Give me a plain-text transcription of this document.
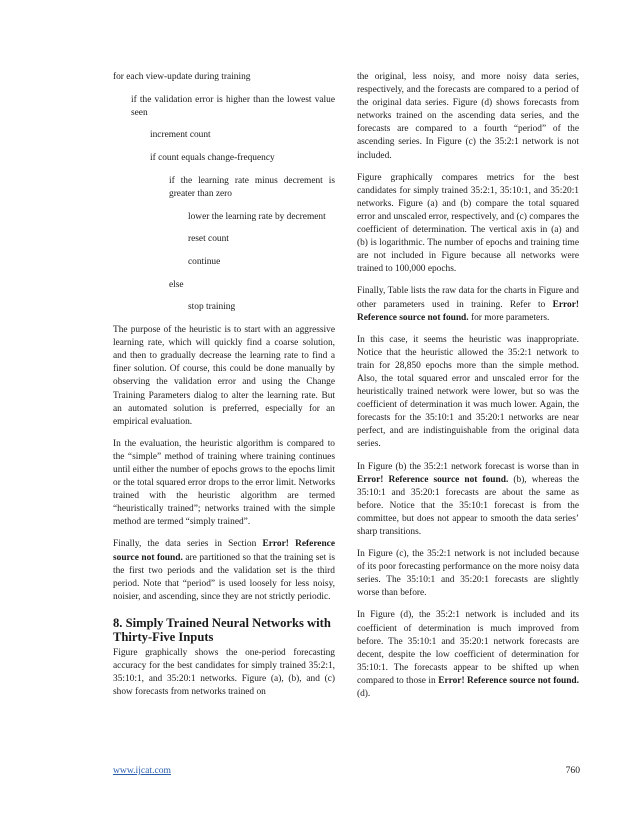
for each view-update during training

if the validation error is higher than the lowest value seen

increment count

if count equals change-frequency

if the learning rate minus decrement is greater than zero

lower the learning rate by decrement

reset count

continue

else

stop training

The purpose of the heuristic is to start with an aggressive learning rate, which will quickly find a coarse solution, and then to gradually decrease the learning rate to find a finer solution. Of course, this could be done manually by observing the validation error and using the Change Training Parameters dialog to alter the learning rate. But an automated solution is preferred, especially for an empirical evaluation.

In the evaluation, the heuristic algorithm is compared to the “simple” method of training where training continues until either the number of epochs grows to the epochs limit or the total squared error drops to the error limit. Networks trained with the heuristic algorithm are termed “heuristically trained”; networks trained with the simple method are termed “simply trained”.

Finally, the data series in Section Error! Reference source not found. are partitioned so that the training set is the first two periods and the validation set is the third period. Note that “period” is used loosely for less noisy, noisier, and ascending, since they are not strictly periodic.

8. Simply Trained Neural Networks with Thirty-Five Inputs

Figure graphically shows the one-period forecasting accuracy for the best candidates for simply trained 35:2:1, 35:10:1, and 35:20:1 networks. Figure (a), (b), and (c) show forecasts from networks trained on

the original, less noisy, and more noisy data series, respectively, and the forecasts are compared to a period of the original data series. Figure (d) shows forecasts from networks trained on the ascending data series, and the forecasts are compared to a fourth “period” of the ascending series. In Figure (c) the 35:2:1 network is not included.

Figure graphically compares metrics for the best candidates for simply trained 35:2:1, 35:10:1, and 35:20:1 networks. Figure (a) and (b) compare the total squared error and unscaled error, respectively, and (c) compares the coefficient of determination. The vertical axis in (a) and (b) is logarithmic. The number of epochs and training time are not included in Figure because all networks were trained to 100,000 epochs.

Finally, Table lists the raw data for the charts in Figure and other parameters used in training. Refer to Error! Reference source not found. for more parameters.

In this case, it seems the heuristic was inappropriate. Notice that the heuristic allowed the 35:2:1 network to train for 28,850 epochs more than the simple method. Also, the total squared error and unscaled error for the heuristically trained network were lower, but so was the coefficient of determination it was much lower. Again, the forecasts for the 35:10:1 and 35:20:1 networks are near perfect, and are indistinguishable from the original data series.

In Figure (b) the 35:2:1 network forecast is worse than in Error! Reference source not found. (b), whereas the 35:10:1 and 35:20:1 forecasts are about the same as before. Notice that the 35:10:1 forecast is from the committee, but does not appear to smooth the data series’ sharp transitions.

In Figure (c), the 35:2:1 network is not included because of its poor forecasting performance on the more noisy data series. The 35:10:1 and 35:20:1 forecasts are slightly worse than before.

In Figure (d), the 35:2:1 network is included and its coefficient of determination is much improved from before. The 35:10:1 and 35:20:1 network forecasts are decent, despite the low coefficient of determination for 35:10:1. The forecasts appear to be shifted up when compared to those in Error! Reference source not found. (d).

www.ijcat.com	760
